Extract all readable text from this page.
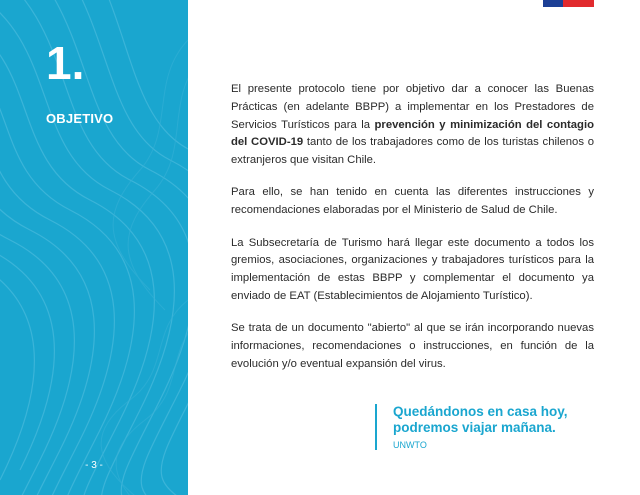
1.
OBJETIVO
- 3 -

El presente protocolo tiene por objetivo dar a conocer las Buenas Prácticas (en adelante BBPP) a implementar en los Prestadores de Servicios Turísticos para la prevención y minimización del contagio del COVID-19 tanto de los trabajadores como de los turistas chilenos o extranjeros que visitan Chile.

Para ello, se han tenido en cuenta las diferentes instrucciones y recomendaciones elaboradas por el Ministerio de Salud de Chile.

La Subsecretaría de Turismo hará llegar este documento a todos los gremios, asociaciones, organizaciones y trabajadores turísticos para la implementación de estas BBPP y complementar el documento ya enviado de EAT (Establecimientos de Alojamiento Turístico).

Se trata de un documento "abierto" al que se irán incorporando nuevas informaciones, recomendaciones o instrucciones, en función de la evolución y/o eventual expansión del virus.

Quedándonos en casa hoy, podremos viajar mañana.
UNWTO
